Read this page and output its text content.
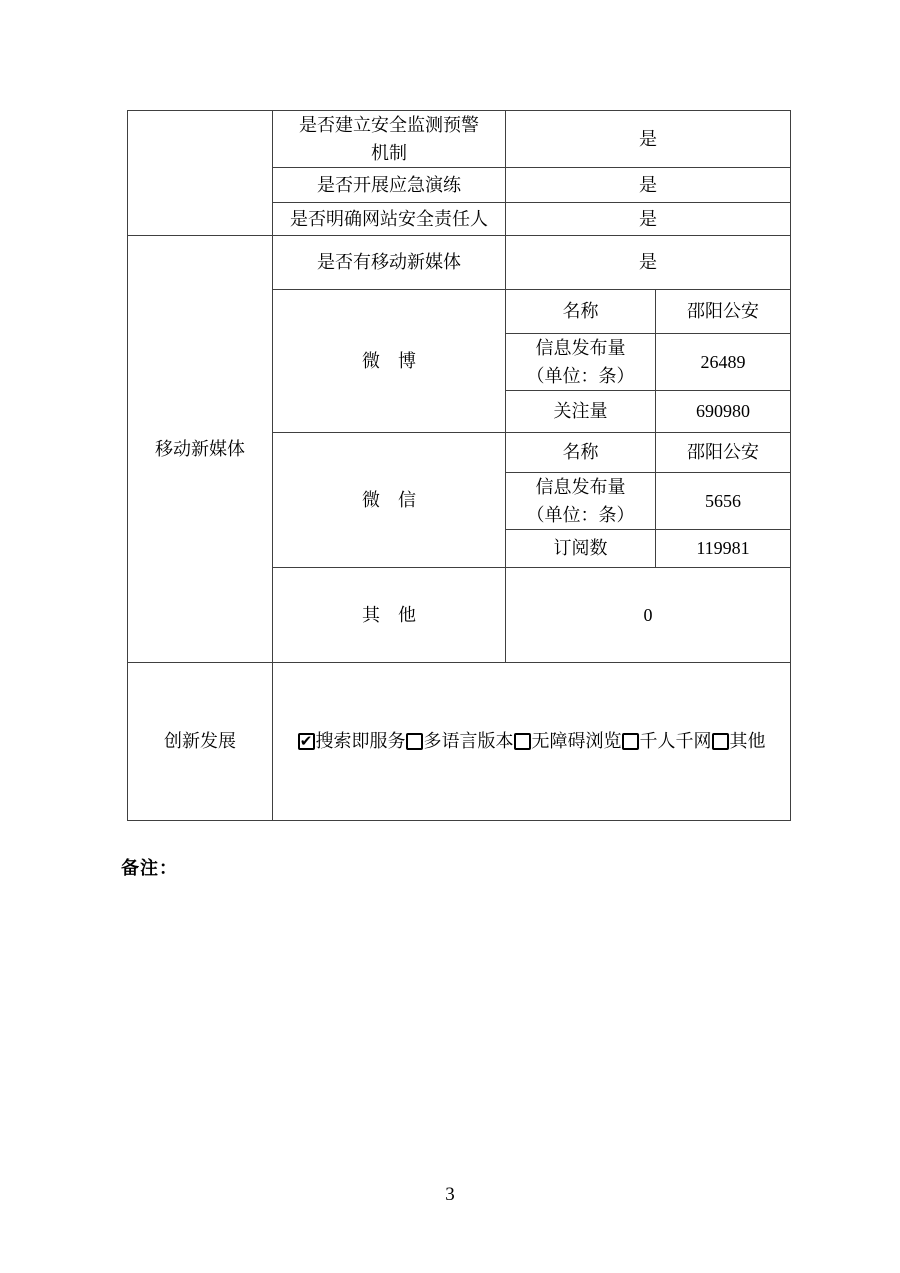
	是否建立安全监测预警
机制	是	
	是否开展应急演练	是	
	是否明确网站安全责任人	是	
移动新媒体	是否有移动新媒体	是	
	微　博	名称	邵阳公安

		信息发布量
（单位：条）	26489
		关注量	690980
	微　信	名称	邵阳公安

		信息发布量
（单位：条）	5656
		订阅数	119981
	其　他	0	
创新发展	✔ 搜索即服务 多语言版本 无障碍浏览 千人千网 其他
备注：
3
